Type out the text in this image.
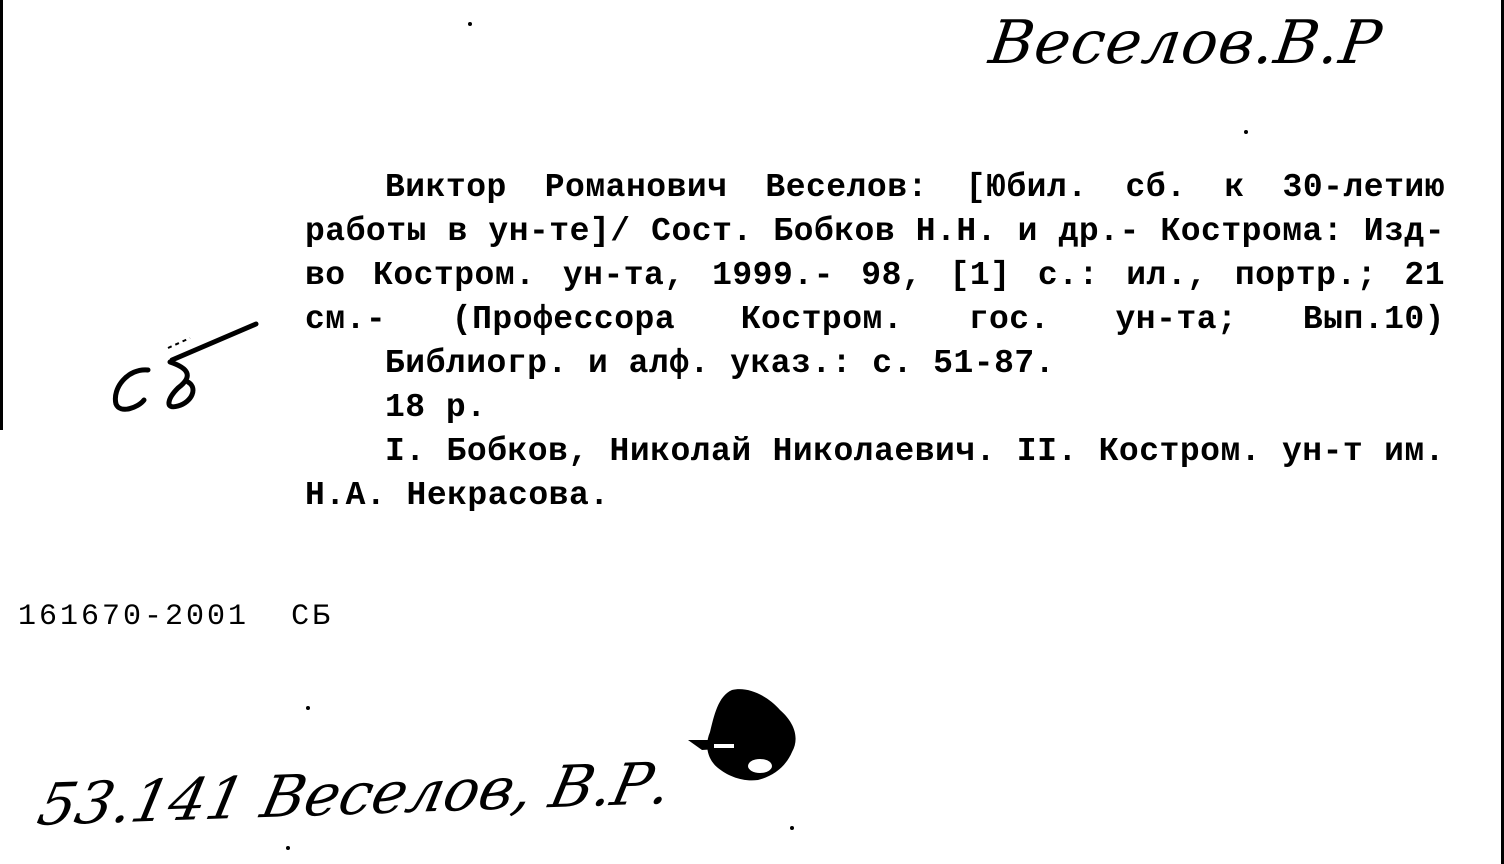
Веселов.В.Р

Виктор Романович Веселов: [Юбил. сб. к 30-летию работы в ун-те]/ Сост. Бобков Н.Н. и др.- Кострома: Изд-во Костром. ун-та, 1999.- 98, [1] с.: ил., портр.; 21 см.- (Профессора Костром. гос. ун-та; Вып.10)

Библиогр. и алф. указ.: с. 51-87.

18 р.

I. Бобков, Николай Николаевич. II. Костром. ун-т им. Н.А. Некрасова.

161670-2001 СБ
53.141 Веселов, В.Р.
